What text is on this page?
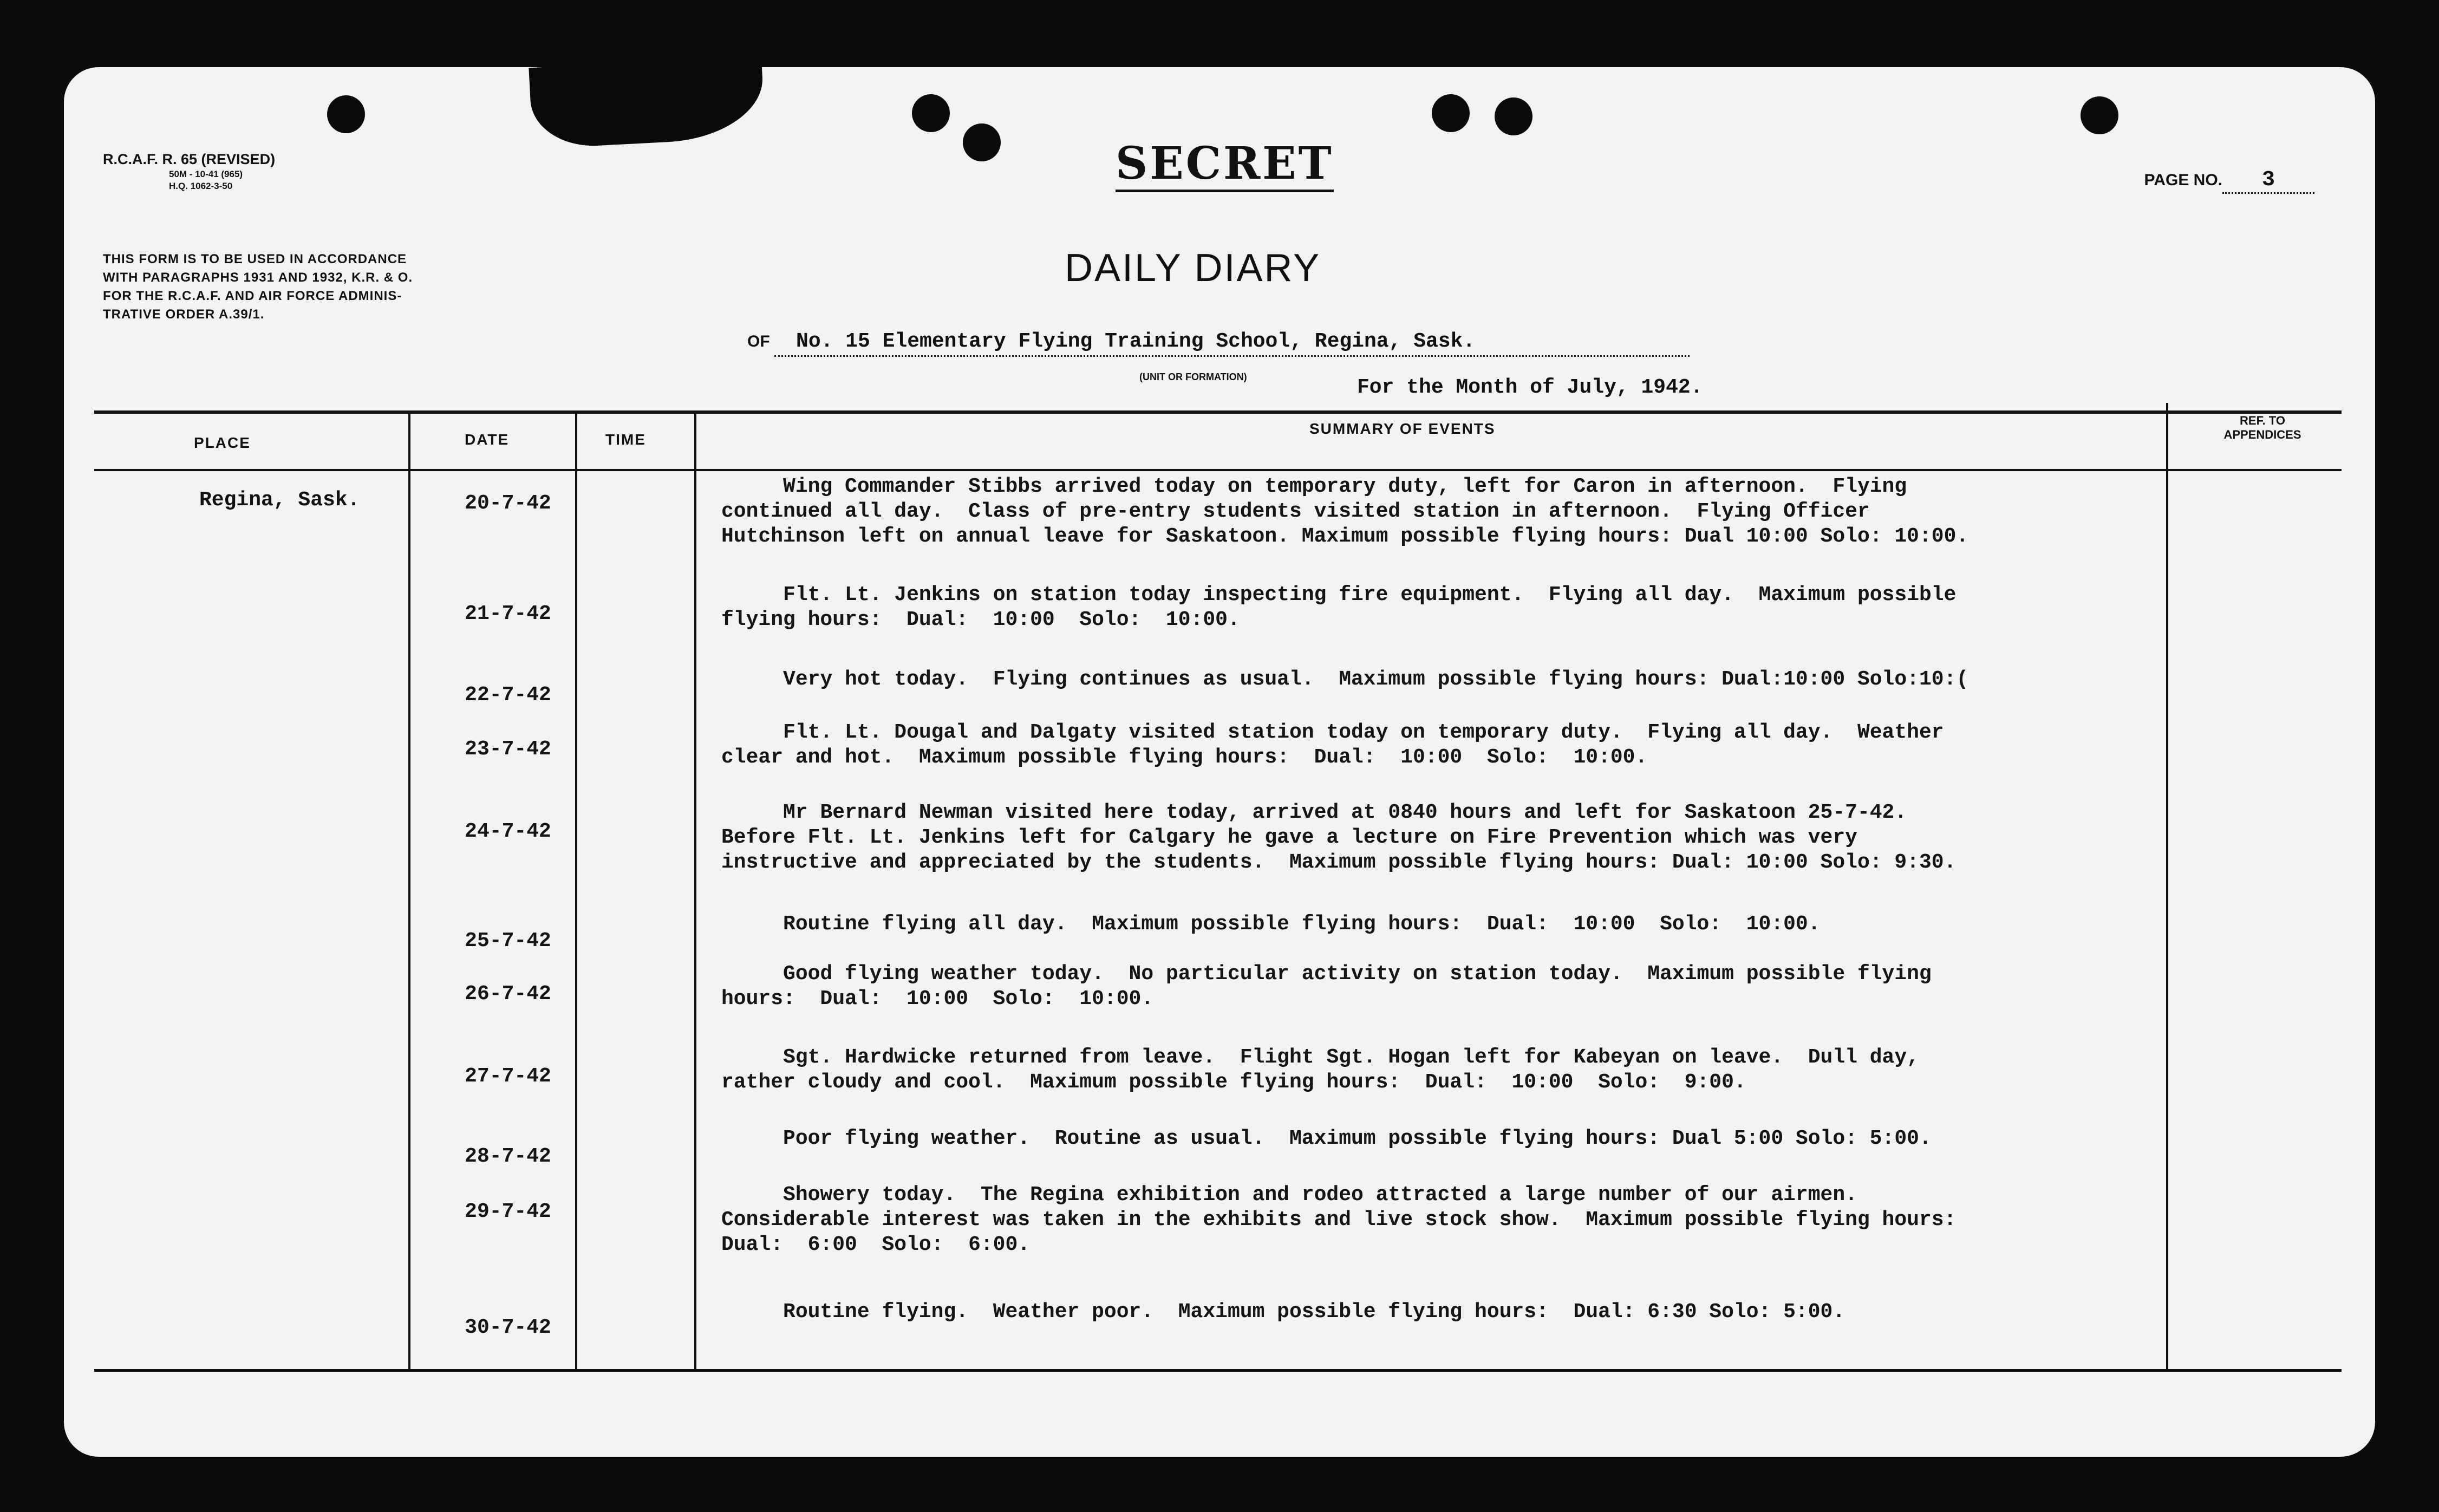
R.C.A.F. R. 65 (REVISED)
50M - 10-41 (965)
H.Q. 1062-3-50	SECRET	PAGE NO. 3
THIS FORM IS TO BE USED IN ACCORDANCE
WITH PARAGRAPHS 1931 AND 1932, K.R. & O.
FOR THE R.C.A.F. AND AIR FORCE ADMINIS-
TRATIVE ORDER A.39/1.
DAILY DIARY
OF No. 15 Elementary Flying Training School, Regina, Sask.
(UNIT OR FORMATION)	For the Month of July, 1942.
PLACE	DATE	TIME
SUMMARY OF EVENTS	REF. TO
APPENDICES
Regina, Sask.	20-7-42
Wing Commander Stibbs arrived today on temporary duty, left for Caron in afternoon.  Flying
continued all day.  Class of pre-entry students visited station in afternoon.  Flying Officer
Hutchinson left on annual leave for Saskatoon. Maximum possible flying hours: Dual 10:00 Solo: 10:00.
21-7-42
Flt. Lt. Jenkins on station today inspecting fire equipment.  Flying all day.  Maximum possible
flying hours:  Dual:  10:00  Solo:  10:00.
22-7-42
Very hot today.  Flying continues as usual.  Maximum possible flying hours: Dual:10:00 Solo:10:(
23-7-42
Flt. Lt. Dougal and Dalgaty visited station today on temporary duty.  Flying all day.  Weather
clear and hot.  Maximum possible flying hours:  Dual:  10:00  Solo:  10:00.
24-7-42
Mr Bernard Newman visited here today, arrived at 0840 hours and left for Saskatoon 25-7-42.
Before Flt. Lt. Jenkins left for Calgary he gave a lecture on Fire Prevention which was very
instructive and appreciated by the students.  Maximum possible flying hours: Dual: 10:00 Solo: 9:30.
25-7-42
Routine flying all day.  Maximum possible flying hours:  Dual:  10:00  Solo:  10:00.
26-7-42
Good flying weather today.  No particular activity on station today.  Maximum possible flying
hours:  Dual:  10:00  Solo:  10:00.
27-7-42
Sgt. Hardwicke returned from leave.  Flight Sgt. Hogan left for Kabeyan on leave.  Dull day,
rather cloudy and cool.  Maximum possible flying hours:  Dual:  10:00  Solo:  9:00.
28-7-42
Poor flying weather.  Routine as usual.  Maximum possible flying hours: Dual 5:00 Solo: 5:00.
29-7-42
Showery today.  The Regina exhibition and rodeo attracted a large number of our airmen.
Considerable interest was taken in the exhibits and live stock show.  Maximum possible flying hours:
Dual:  6:00  Solo:  6:00.
30-7-42
Routine flying.  Weather poor.  Maximum possible flying hours:  Dual: 6:30 Solo: 5:00.
